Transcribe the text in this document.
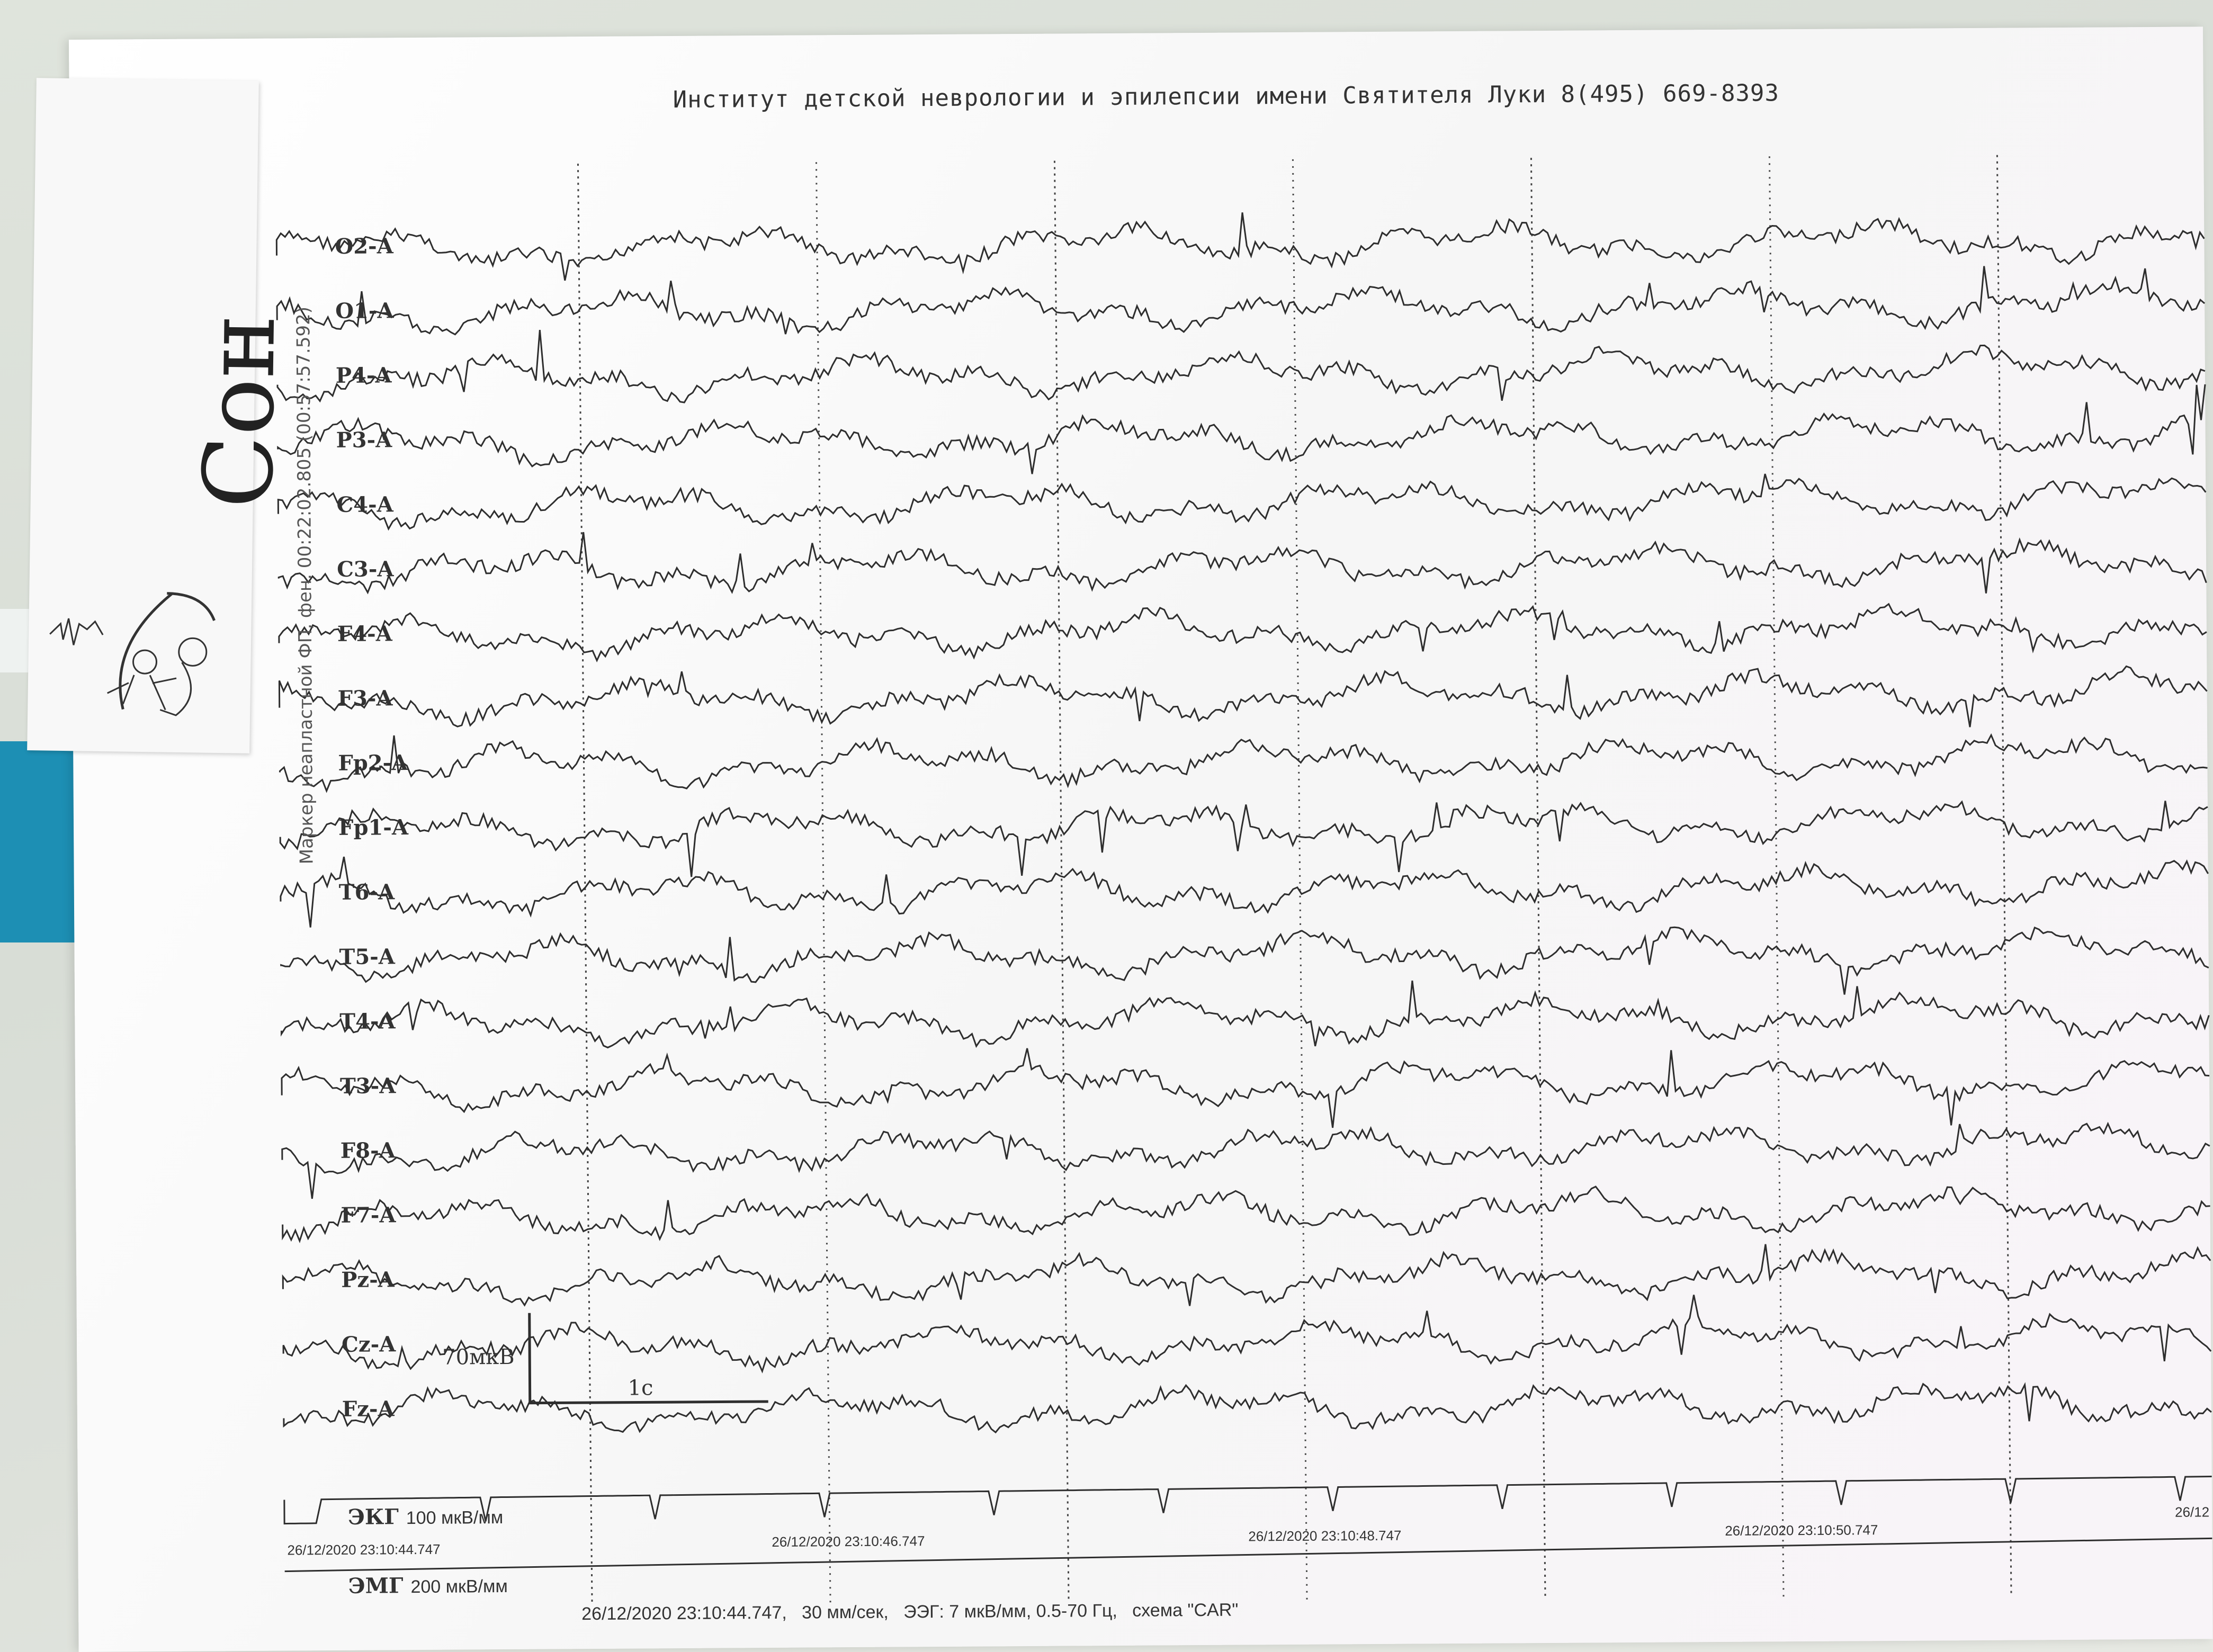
Институт детской неврологии и эпилепсии имени Святителя Луки 8(495) 669-8393

O2-A
O1-A
P4-A
P3-A
C4-A
C3-A
F4-A
F3-A
Fp2-A
Fp1-A
T6-A
T5-A
T4-A
T3-A
F8-A
F7-A
Pz-A
Cz-A
Fz-A
70мкВ
1с
ЭКГ 100 мкВ/мм
ЭМГ 200 мкВ/мм
26/12/2020 23:10:44.747	26/12/2020 23:10:46.747	26/12/2020 23:10:48.747	26/12/2020 23:10:50.747
26/12
26/12/2020 23:10:44.747, 30 мм/сек, ЭЭГ: 7 мкВ/мм, 0.5-70 Гц, схема "CAR"
Маркер неапластной ФП, фен. 00:22:02.805 (00:57:57.592)
Сон
